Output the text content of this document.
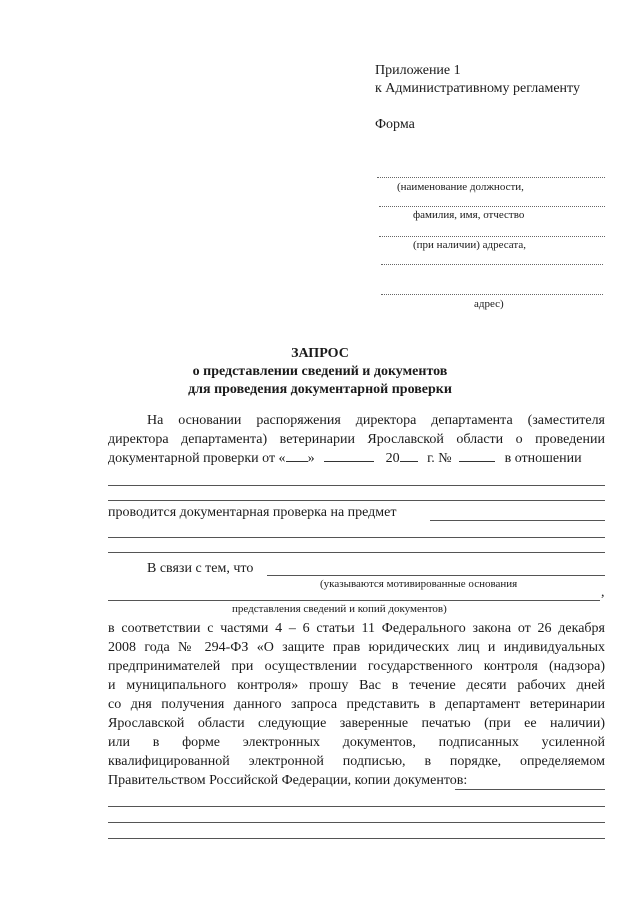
Приложение 1
к Административному регламенту
Форма
(наименование должности,
фамилия, имя, отчество
(при наличии) адресата,
адрес)
ЗАПРОС
о представлении сведений и документов
для проведения документарной проверки
На основании распоряжения директора департамента (заместителя
директора департамента) ветеринарии Ярославской области о проведении
документарной проверки от « »	20 г. №	в отношении
проводится документарная проверка на предмет
В связи с тем, что
(указываются мотивированные основания
,
представления сведений и копий документов)
в соответствии с частями 4 – 6 статьи 11 Федерального закона от 26 декабря
2008 года № 294-ФЗ «О защите прав юридических лиц и индивидуальных
предпринимателей при осуществлении государственного контроля (надзора)
и муниципального контроля» прошу Вас в течение десяти рабочих дней
со дня получения данного запроса представить в департамент ветеринарии
Ярославской области следующие заверенные печатью (при ее наличии)
или в форме электронных документов, подписанных усиленной
квалифицированной электронной подписью, в порядке, определяемом
Правительством Российской Федерации, копии документов:
